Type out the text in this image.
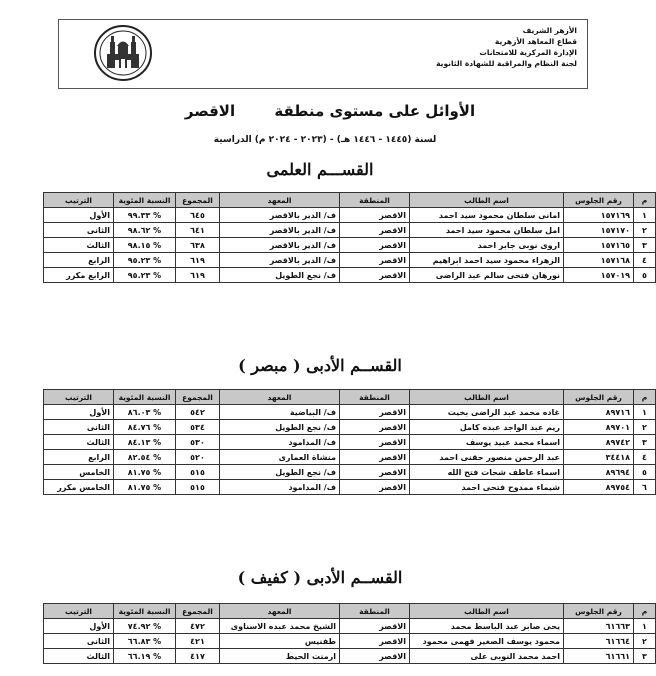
الأزهر الشريف
قطاع المعاهد الأزهرية
الإدارة المركزية للامتحانات
لجنة النظام والمراقبة للشهادة الثانوية
الأوائل على مستوى منطقة الاقصر
لسنة (١٤٤٥ - ١٤٤٦ هـ) - (٢٠٢٣ - ٢٠٢٤ م) الدراسية
القســـم العلمى
م	رقم الجلوس	اسم الطالب	المنطقة	المعهد	المجموع	النسبة المئوية	الترتيب
١	١٥٧١٦٩	امانى سلطان محمود سيد احمد	الاقصر	ف/ الدير بالاقصر	٦٤٥	% ٩٩.٣٣	الأول
٢	١٥٧١٧٠	امل سلطان محمود سيد احمد	الاقصر	ف/ الدير بالاقصر	٦٤١	% ٩٨.٦٢	الثانى
٣	١٥٧١٦٥	اروى نوبى جابر احمد	الاقصر	ف/ الدير بالاقصر	٦٣٨	% ٩٨.١٥	الثالث
٤	١٥٧١٦٨	الزهراء محمود سيد احمد ابراهيم	الاقصر	ف/ الدير بالاقصر	٦١٩	% ٩٥.٢٣	الرابع
٥	١٥٧٠١٩	نورهان فتحى سالم عبد الراضى	الاقصر	ف/ نجع الطويل	٦١٩	% ٩٥.٢٣	الرابع مكرر
القســم الأدبى ( مبصر )
م	رقم الجلوس	اسم الطالب	المنطقة	المعهد	المجموع	النسبة المئوية	الترتيب
١	٨٩٧١٦	غاده محمد عبد الراضى بخيت	الاقصر	ف/ البياضية	٥٤٢	% ٨٦.٠٣	الأول
٢	٨٩٧٠١	ريم عبد الواجد عبده كامل	الاقصر	ف/ نجع الطويل	٥٣٤	% ٨٤.٧٦	الثانى
٣	٨٩٧٤٢	اسماء محمد عبيد يوسف	الاقصر	ف/ المدامود	٥٣٠	% ٨٤.١٣	الثالث
٤	٣٤٤١٨	عبد الرحمن منصور حقنى احمد	الاقصر	منشاة العمارى	٥٢٠	% ٨٢.٥٤	الرابع
٥	٨٩٦٩٤	اسماء عاطف شحات فتح الله	الاقصر	ف/ نجع الطويل	٥١٥	% ٨١.٧٥	الخامس
٦	٨٩٧٥٤	شيماء ممدوح فتحى احمد	الاقصر	ف/ المدامود	٥١٥	% ٨١.٧٥	الخامس مكرر
القســم الأدبى ( كفيف )
م	رقم الجلوس	اسم الطالب	المنطقة	المعهد	المجموع	النسبة المئوية	الترتيب
١	٦١٦٦٣	يحى صابر عبد الباسط محمد	الاقصر	الشيخ محمد عبده الاسناوى	٤٧٢	% ٧٤.٩٢	الأول
٢	٦١٦٦٤	محمود يوسف الصغير فهمى محمود	الاقصر	طفنيس	٤٢١	% ٦٦.٨٣	الثانى
٣	٦١٦٦١	احمد محمد النوبى على	الاقصر	ارمنت الحيط	٤١٧	% ٦٦.١٩	الثالث
